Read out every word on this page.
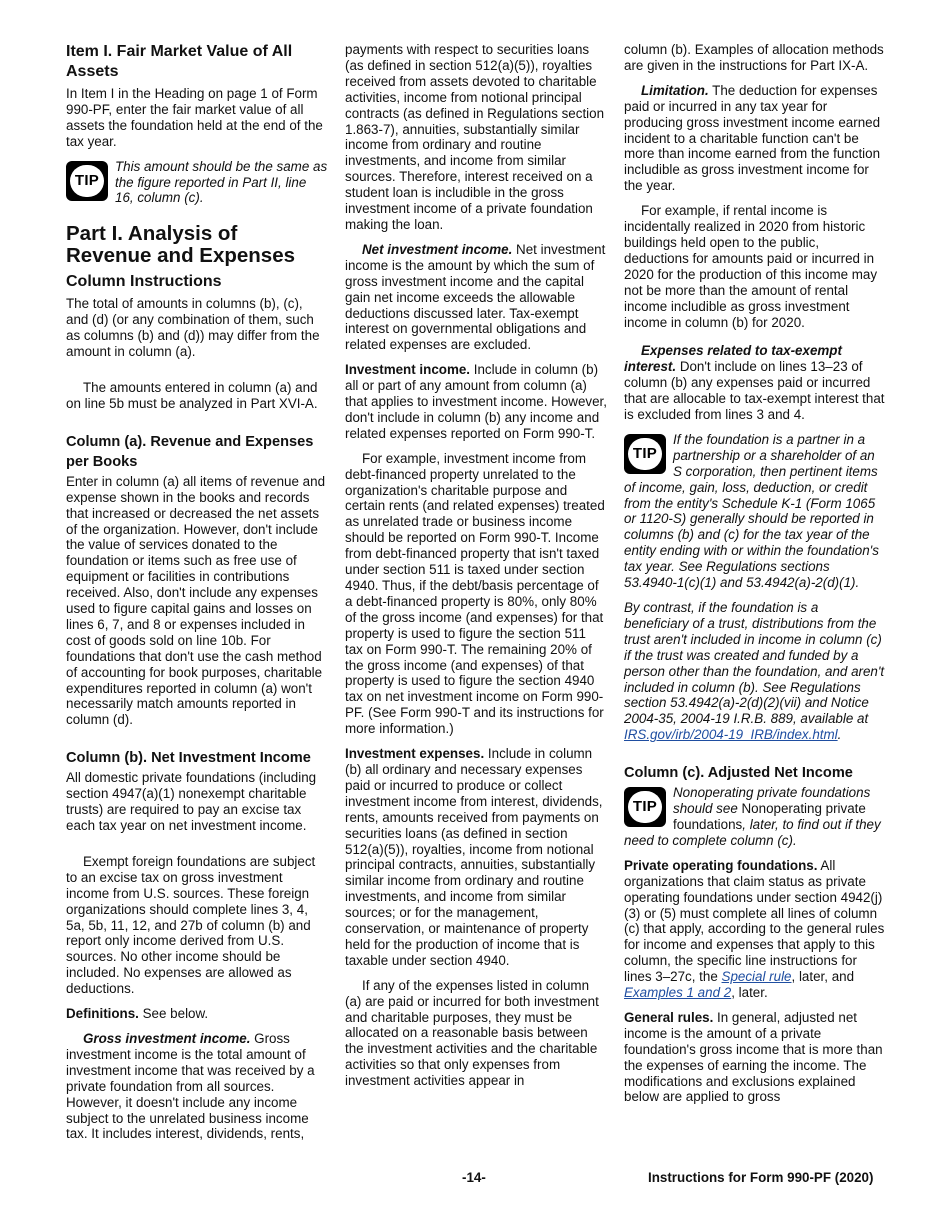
Item I. Fair Market Value of All Assets

In Item I in the Heading on page 1 of Form 990-PF, enter the fair market value of all assets the foundation held at the end of the tax year.

TIP
This amount should be the same as the figure reported in Part II, line 16, column (c).
Part I. Analysis of Revenue and Expenses
Column Instructions

The total of amounts in columns (b), (c), and (d) (or any combination of them, such as columns (b) and (d)) may differ from the amount in column (a).

The amounts entered in column (a) and on line 5b must be analyzed in Part XVI-A.

Column (a). Revenue and Expenses per Books

Enter in column (a) all items of revenue and expense shown in the books and records that increased or decreased the net assets of the organization. However, don't include the value of services donated to the foundation or items such as free use of equipment or facilities in contributions received. Also, don't include any expenses used to figure capital gains and losses on lines 6, 7, and 8 or expenses included in cost of goods sold on line 10b. For foundations that don't use the cash method of accounting for book purposes, charitable expenditures reported in column (a) won't necessarily match amounts reported in column (d).

Column (b). Net Investment Income

All domestic private foundations (including section 4947(a)(1) nonexempt charitable trusts) are required to pay an excise tax each tax year on net investment income.

Exempt foreign foundations are subject to an excise tax on gross investment income from U.S. sources. These foreign organizations should complete lines 3, 4, 5a, 5b, 11, 12, and 27b of column (b) and report only income derived from U.S. sources. No other income should be included. No expenses are allowed as deductions.

Definitions. See below.

Gross investment income. Gross investment income is the total amount of investment income that was received by a private foundation from all sources. However, it doesn't include any income subject to the unrelated business income tax. It includes interest, dividends, rents,

payments with respect to securities loans (as defined in section 512(a)(5)), royalties received from assets devoted to charitable activities, income from notional principal contracts (as defined in Regulations section 1.863-7), annuities, substantially similar income from ordinary and routine investments, and income from similar sources. Therefore, interest received on a student loan is includible in the gross investment income of a private foundation making the loan.

Net investment income. Net investment income is the amount by which the sum of gross investment income and the capital gain net income exceeds the allowable deductions discussed later. Tax-exempt interest on governmental obligations and related expenses are excluded.

Investment income. Include in column (b) all or part of any amount from column (a) that applies to investment income. However, don't include in column (b) any income and related expenses reported on Form 990-T.

For example, investment income from debt-financed property unrelated to the organization's charitable purpose and certain rents (and related expenses) treated as unrelated trade or business income should be reported on Form 990-T. Income from debt-financed property that isn't taxed under section 511 is taxed under section 4940. Thus, if the debt/basis percentage of a debt-financed property is 80%, only 80% of the gross income (and expenses) for that property is used to figure the section 511 tax on Form 990-T. The remaining 20% of the gross income (and expenses) of that property is used to figure the section 4940 tax on net investment income on Form 990-PF. (See Form 990-T and its instructions for more information.)

Investment expenses. Include in column (b) all ordinary and necessary expenses paid or incurred to produce or collect investment income from interest, dividends, rents, amounts received from payments on securities loans (as defined in section 512(a)(5)), royalties, income from notional principal contracts, annuities, substantially similar income from ordinary and routine investments, and income from similar sources; or for the management, conservation, or maintenance of property held for the production of income that is taxable under section 4940.

If any of the expenses listed in column (a) are paid or incurred for both investment and charitable purposes, they must be allocated on a reasonable basis between the investment activities and the charitable activities so that only expenses from investment activities appear in

column (b). Examples of allocation methods are given in the instructions for Part IX-A.

Limitation. The deduction for expenses paid or incurred in any tax year for producing gross investment income earned incident to a charitable function can't be more than income earned from the function includible as gross investment income for the year.

For example, if rental income is incidentally realized in 2020 from historic buildings held open to the public, deductions for amounts paid or incurred in 2020 for the production of this income may not be more than the amount of rental income includible as gross investment income in column (b) for 2020.

Expenses related to tax-exempt interest. Don't include on lines 13–23 of column (b) any expenses paid or incurred that are allocable to tax-exempt interest that is excluded from lines 3 and 4.

TIP
If the foundation is a partner in a partnership or a shareholder of an S corporation, then pertinent items of income, gain, loss, deduction, or credit from the entity's Schedule K-1 (Form 1065 or 1120-S) generally should be reported in columns (b) and (c) for the tax year of the entity ending with or within the foundation's tax year. See Regulations sections 53.4940-1(c)(1) and 53.4942(a)-2(d)(1).

By contrast, if the foundation is a beneficiary of a trust, distributions from the trust aren't included in income in column (c) if the trust was created and funded by a person other than the foundation, and aren't included in column (b). See Regulations section 53.4942(a)-2(d)(2)(vii) and Notice 2004-35, 2004-19 I.R.B. 889, available at IRS.gov/irb/2004-19_IRB/index.html.

Column (c). Adjusted Net Income
TIP
Nonoperating private foundations should see Nonoperating private foundations, later, to find out if they need to complete column (c).

Private operating foundations. All organizations that claim status as private operating foundations under section 4942(j)(3) or (5) must complete all lines of column (c) that apply, according to the general rules for income and expenses that apply to this column, the specific line instructions for lines 3–27c, the Special rule, later, and Examples 1 and 2, later.

General rules. In general, adjusted net income is the amount of a private foundation's gross income that is more than the expenses of earning the income. The modifications and exclusions explained below are applied to gross

-14-	Instructions for Form 990-PF (2020)
